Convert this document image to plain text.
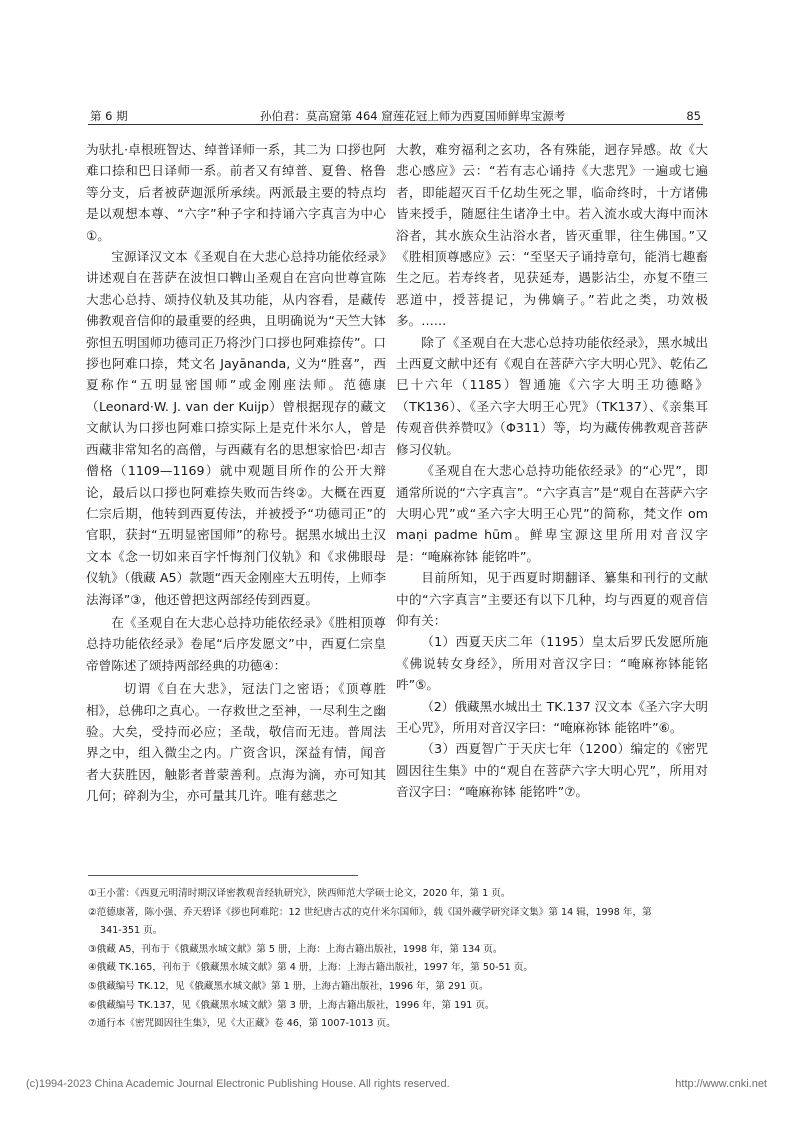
第 6 期	孙伯君：莫高窟第 464 窟莲花冠上师为西夏国师鲜卑宝源考	85

为驮扎·卓根班智达、绰普译师一系，其二为 口拶也阿难口捺和巴日译师一系。前者又有绰普、夏鲁、格鲁等分支，后者被萨迦派所承续。两派最主要的特点均是以观想本尊、“六字”种子字和持诵六字真言为中心①。

宝源译汉文本《圣观自在大悲心总持功能依经录》讲述观自在菩萨在波怛口鞞山圣观自在宫向世尊宣陈大悲心总持、颂持仪轨及其功能，从内容看，是藏传佛教观音信仰的最重要的经典，且明确说为“天竺大钵弥怛五明国师功德司正乃将沙门口拶也阿难捺传”。口拶也阿难口捺，梵文名 Jayānanda, 义为“胜喜”，西夏称作“五明显密国师”或金刚座法师。范德康（Leonard·W. J. van der Kuijp）曾根据现存的藏文文献认为口拶也阿难口捺实际上是克什米尔人，曾是西藏非常知名的高僧，与西藏有名的思想家恰巴·却吉僧格（1109—1169）就中观题目所作的公开大辩论，最后以口拶也阿难捺失败而告终②。大概在西夏仁宗后期，他转到西夏传法，并被授予“功德司正”的官职，获封“五明显密国师”的称号。据黑水城出土汉文本《念一切如来百字忏悔剂门仪轨》和《求佛眼母仪轨》（俄藏 A5）款题“西天金刚座大五明传，上师李法海译”③，他还曾把这两部经传到西夏。

在《圣观自在大悲心总持功能依经录》《胜相顶尊总持功能依经录》卷尾“后序发愿文”中，西夏仁宗皇帝曾陈述了颂持两部经典的功德④：

切谓《自在大悲》，冠法门之密语；《顶尊胜相》，总佛印之真心。一存救世之至神，一尽利生之幽验。大矣，受持而必应；圣哉，敬信而无违。普周法界之中，组入微尘之内。广资含识，深益有情，闻音者大获胜因，触影者普蒙善利。点海为滴，亦可知其几何；碎刹为尘，亦可量其几许。唯有慈悲之

大教，难穷福利之玄功，各有殊能，迥存异感。故《大悲心感应》云：“若有志心诵持《大悲咒》一遍或七遍者，即能超灭百千亿劫生死之罪，临命终时，十方诸佛皆来授手，随愿往生诸净土中。若入流水或大海中而沐浴者，其水族众生沾浴水者，皆灭重罪，往生佛国。”又《胜相顶尊感应》云：“至坚天子诵持章句，能消七趣畜生之厄。若寿终者，见获延寿，遇影沾尘，亦复不堕三恶道中，授菩提记，为佛嫡子。”若此之类，功效极多。……

除了《圣观自在大悲心总持功能依经录》，黑水城出土西夏文献中还有《观自在菩萨六字大明心咒》、乾佑乙巳十六年（1185）智通施《六字大明王功德略》（TK136）、《圣六字大明王心咒》（TK137）、《亲集耳传观音供养赞叹》（Φ311）等，均为藏传佛教观音菩萨修习仪轨。

《圣观自在大悲心总持功能依经录》的“心咒”，即通常所说的“六字真言”。“六字真言”是“观自在菩萨六字大明心咒”或“圣六字大明王心咒”的简称，梵文作 om maṇi padme hūm。鲜卑宝源这里所用对音汉字是：“唵麻祢钵 能铭吽”。

目前所知，见于西夏时期翻译、纂集和刊行的文献中的“六字真言”主要还有以下几种，均与西夏的观音信仰有关：

（1）西夏天庆二年（1195）皇太后罗氏发愿所施《佛说转女身经》，所用对音汉字曰：“唵麻祢钵能铭吽”⑤。

（2）俄藏黑水城出土 TK.137 汉文本《圣六字大明王心咒》，所用对音汉字曰：“唵麻祢钵 能铭吽”⑥。

（3）西夏智广于天庆七年（1200）编定的《密咒圆因往生集》中的“观自在菩萨六字大明心咒”，所用对音汉字曰：“唵麻祢钵 能铭吽”⑦。

①王小蕾：《西夏元明清时期汉译密教观音经轨研究》，陕西师范大学硕士论文，2020 年，第 1 页。
②范德康著，陈小强、乔天碧译《拶也阿难陀：12 世纪唐古忒的克什米尔国师》，载《国外藏学研究译文集》第 14 辑，1998 年，第
341-351 页。
③俄藏 A5，刊布于《俄藏黑水城文献》第 5 册，上海：上海古籍出版社，1998 年，第 134 页。
④俄藏 TK.165，刊布于《俄藏黑水城文献》第 4 册，上海：上海古籍出版社，1997 年，第 50-51 页。
⑤俄藏编号 TK.12，见《俄藏黑水城文献》第 1 册，上海古籍出版社，1996 年，第 291 页。
⑥俄藏编号 TK.137，见《俄藏黑水城文献》第 3 册，上海古籍出版社，1996 年，第 191 页。
⑦通行本《密咒圆因往生集》，见《大正藏》卷 46，第 1007-1013 页。
(c)1994-2023 China Academic Journal Electronic Publishing House. All rights reserved.	http://www.cnki.net
